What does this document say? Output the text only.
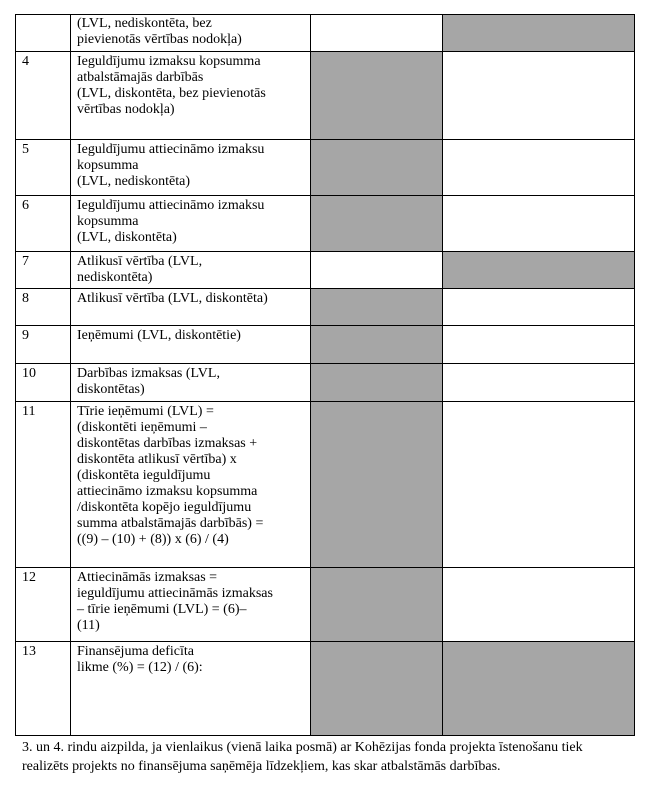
(LVL, nediskontēta, bez
pievienotās vērtības nodokļa)
4	Ieguldījumu izmaksu kopsumma
atbalstāmajās darbībās
(LVL, diskontēta, bez pievienotās
vērtības nodokļa)
5	Ieguldījumu attiecināmo izmaksu
kopsumma
(LVL, nediskontēta)
6	Ieguldījumu attiecināmo izmaksu
kopsumma
(LVL, diskontēta)
7	Atlikusī vērtība (LVL,
nediskontēta)
8	Atlikusī vērtība (LVL, diskontēta)
9	Ieņēmumi (LVL, diskontētie)
10	Darbības izmaksas (LVL,
diskontētas)
11	Tīrie ieņēmumi (LVL) =
(diskontēti ieņēmumi –
diskontētas darbības izmaksas +
diskontēta atlikusī vērtība) x
(diskontēta ieguldījumu
attiecināmo izmaksu kopsumma
/diskontēta kopējo ieguldījumu
summa atbalstāmajās darbībās) =
((9) – (10) + (8)) x (6) / (4)
12	Attiecināmās izmaksas =
ieguldījumu attiecināmās izmaksas
– tīrie ieņēmumi (LVL) = (6)–
(11)
13	Finansējuma deficīta
likme (%) = (12) / (6):
3. un 4. rindu aizpilda, ja vienlaikus (vienā laika posmā) ar Kohēzijas fonda projekta īstenošanu tiek realizēts projekts no finansējuma saņēmēja līdzekļiem, kas skar atbalstāmās darbības.
